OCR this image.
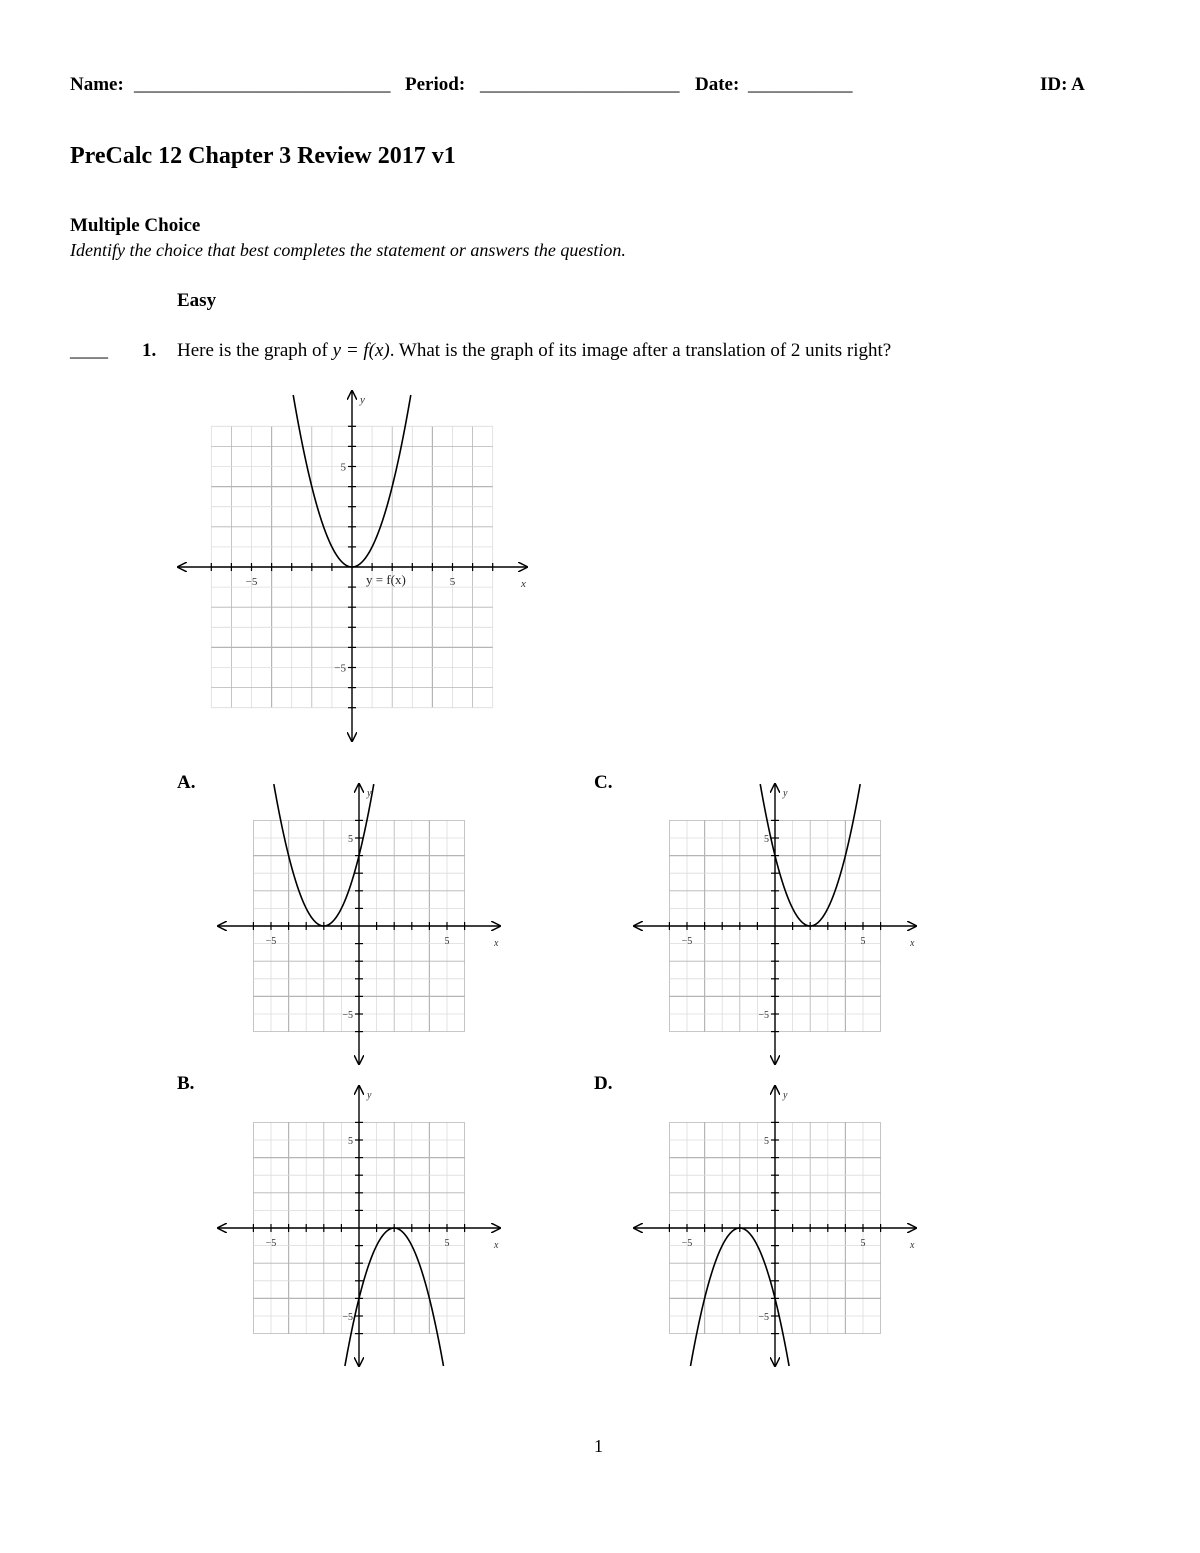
Name: ___________________________ Period: _____________________ Date: ___________	ID: A
PreCalc 12 Chapter 3 Review 2017 v1
Multiple Choice
Identify the choice that best completes the statement or answers the question.
Easy
____ 1. Here is the graph of y = f(x). What is the graph of its image after a translation of 2 units right?
−5	5
5
−5
x
y
y = f(x)
A.	C.
B.	D.
−5	5
5
−5
x
y
−5	5
5
−5
x
y
−5	5
5
−5
x
y
−5	5
5
−5
x
y
1
